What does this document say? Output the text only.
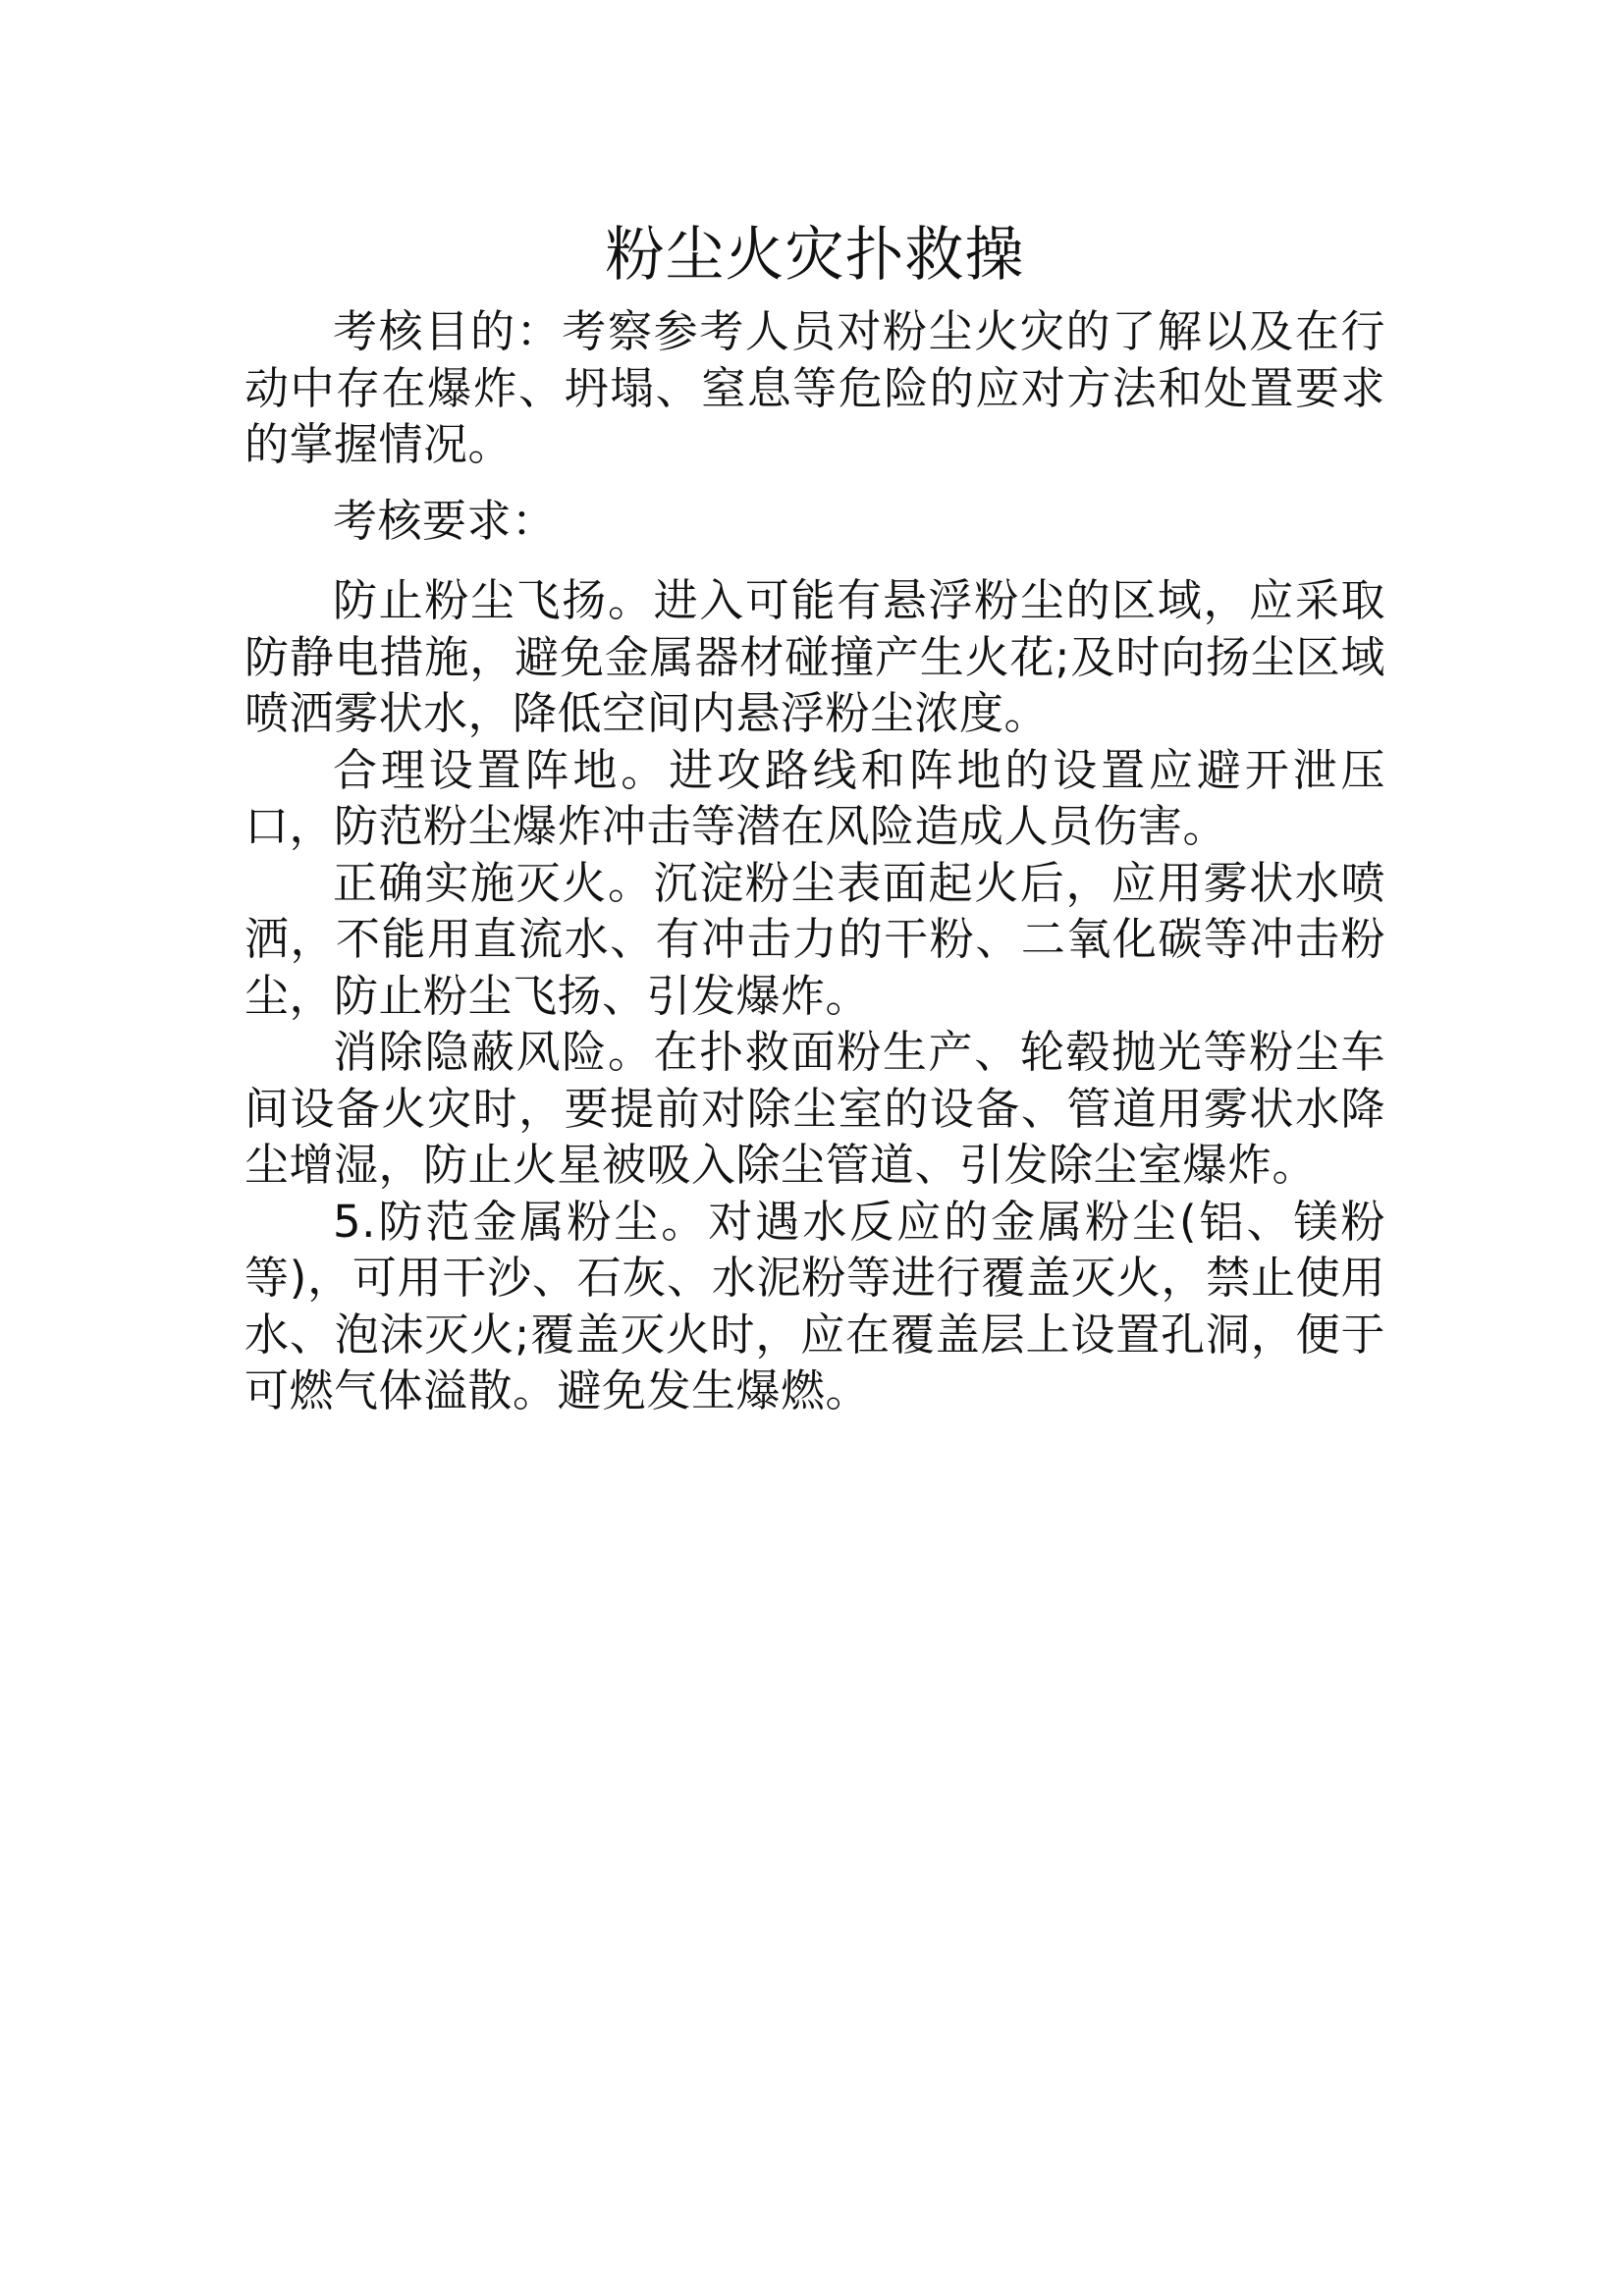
粉尘火灾扑救操

考核目的：考察参考人员对粉尘火灾的了解以及在行动中存在爆炸、坍塌、窒息等危险的应对方法和处置要求的掌握情况。

考核要求：

防止粉尘飞扬。进入可能有悬浮粉尘的区域，应采取防静电措施，避免金属器材碰撞产生火花;及时向扬尘区域喷洒雾状水，降低空间内悬浮粉尘浓度。

合理设置阵地。进攻路线和阵地的设置应避开泄压口，防范粉尘爆炸冲击等潜在风险造成人员伤害。

正确实施灭火。沉淀粉尘表面起火后，应用雾状水喷洒，不能用直流水、有冲击力的干粉、二氧化碳等冲击粉尘，防止粉尘飞扬、引发爆炸。

消除隐蔽风险。在扑救面粉生产、轮毂抛光等粉尘车间设备火灾时，要提前对除尘室的设备、管道用雾状水降尘增湿，防止火星被吸入除尘管道、引发除尘室爆炸。

5.防范金属粉尘。对遇水反应的金属粉尘(铝、镁粉等)，可用干沙、石灰、水泥粉等进行覆盖灭火，禁止使用水、泡沫灭火;覆盖灭火时，应在覆盖层上设置孔洞，便于可燃气体溢散。避免发生爆燃。
